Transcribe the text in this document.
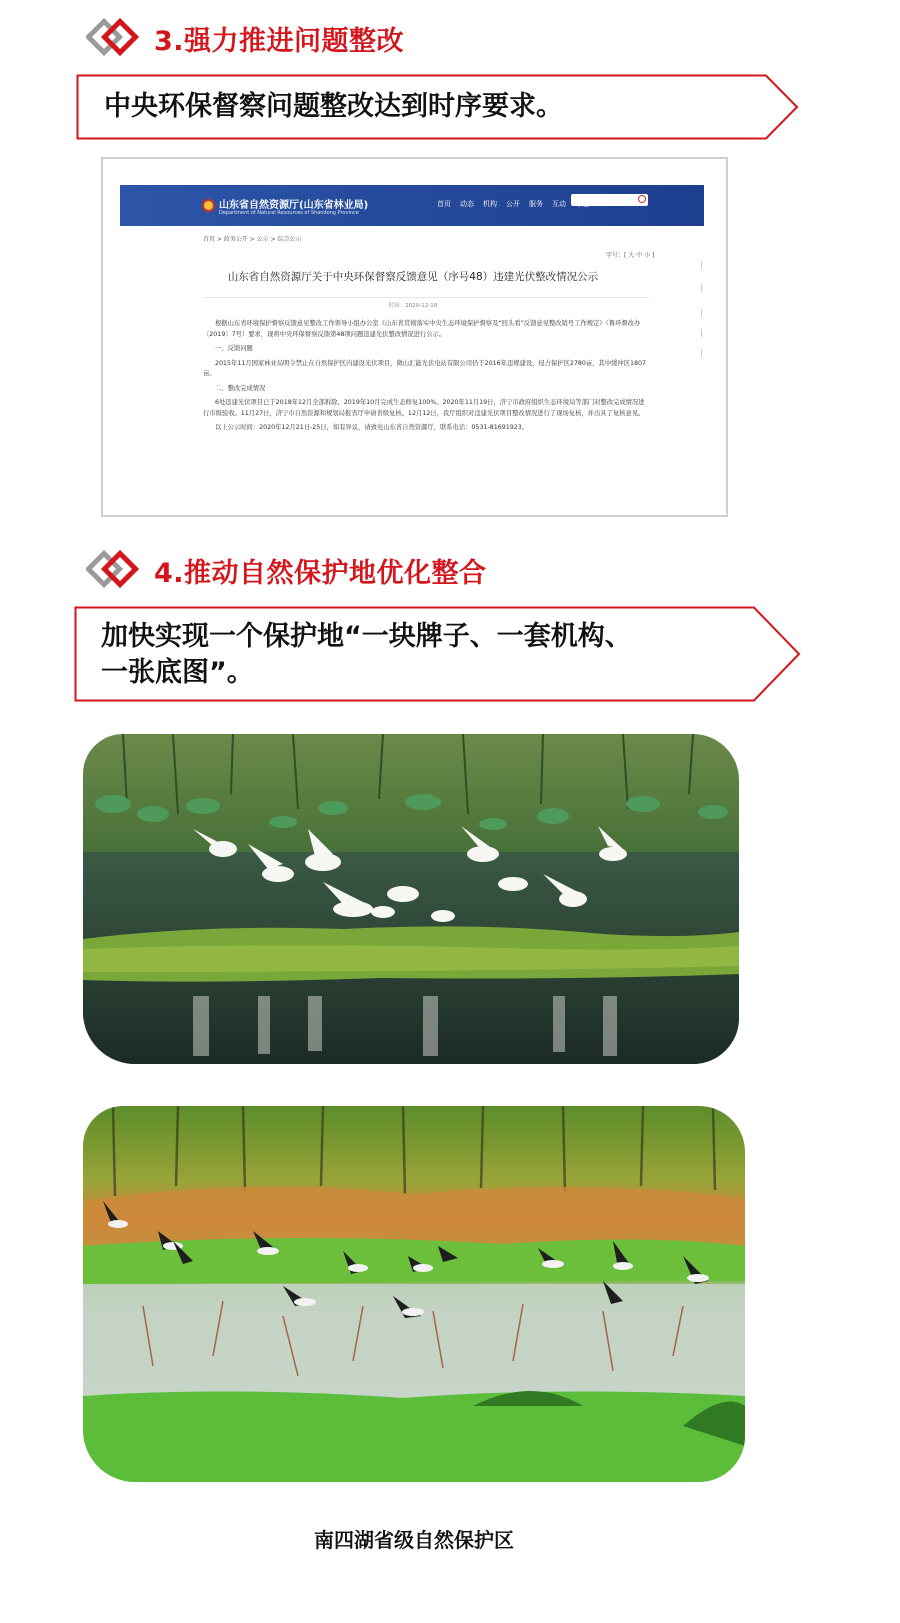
3.强力推进问题整改
中央环保督察问题整改达到时序要求。
山东省自然资源厅(山东省林业局)
Department of Natural Resources of Shandong Province
首页 动态 机构 公开 服务 互动
首页 > 政务公开 > 公示 > 综合公示
字号：[ 大 中 小 ]
山东省自然资源厅关于中央环保督察反馈意见（序号48）违建光伏整改情况公示
时间：2020-12-18

根据山东省环境保护督察反馈意见整改工作领导小组办公室《山东省贯彻落实中央生态环境保护督察及“回头看”反馈意见整改销号工作规定》（鲁环督改办〔2019〕7号）要求，现将中央环保督察反馈第48项问题违建光伏整改情况进行公示。

一、反馈问题

2015年11月国家林业局明令禁止在自然保护区内建设光伏项目，微山汇能光伏电站有限公司仍于2016年违规建设，侵占保护区2780亩，其中缓冲区1807亩。

二、整改完成情况

6处违建光伏项目已于2018年12月全部拆除，2019年10月完成生态修复100%。2020年11月19日，济宁市政府组织生态环境局等部门对整改完成情况进行市级验收。11月27日，济宁市自然资源和规划局报省厅申请省级复核。12月12日，我厅组织对违建光伏项目整改情况进行了现场复核，并出具了复核意见。

以上公示时间：2020年12月21日-25日，如有异议，请致电山东省自然资源厅，联系电话：0531-81691923。

4.推动自然保护地优化整合
加快实现一个保护地“一块牌子、一套机构、
一张底图”。
南四湖省级自然保护区
